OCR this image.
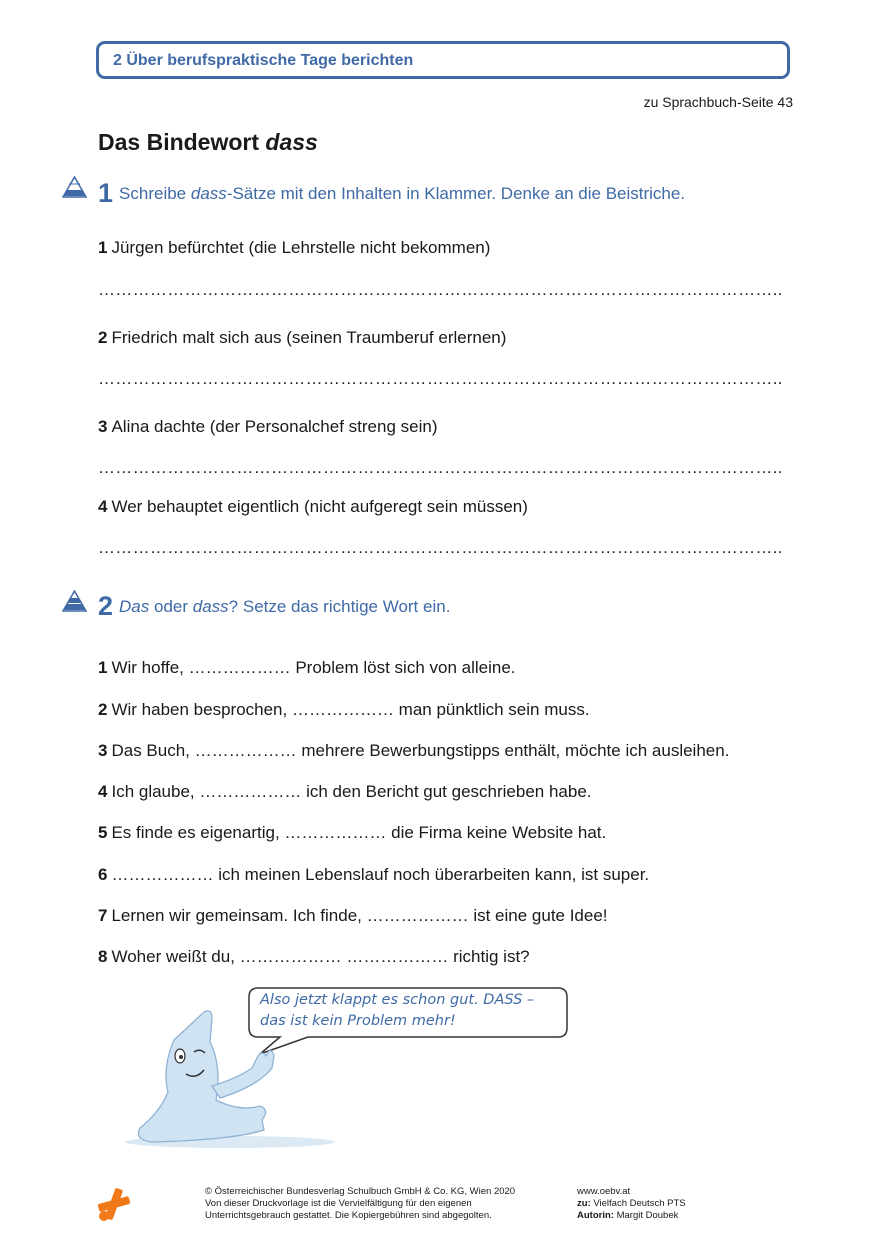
2 Über berufspraktische Tage berichten
zu Sprachbuch-Seite 43
Das Bindewort dass
1 Schreibe dass-Sätze mit den Inhalten in Klammer. Denke an die Beistriche.
1 Jürgen befürchtet (die Lehrstelle nicht bekommen)
………………………………………………………………………………………………………..
2 Friedrich malt sich aus (seinen Traumberuf erlernen)
………………………………………………………………………………………………………..
3 Alina dachte (der Personalchef streng sein)
………………………………………………………………………………………………………..
4 Wer behauptet eigentlich (nicht aufgeregt sein müssen)
………………………………………………………………………………………………………..
2 Das oder dass? Setze das richtige Wort ein.
1 Wir hoffe, ……………… Problem löst sich von alleine.
2 Wir haben besprochen, ……………… man pünktlich sein muss.
3 Das Buch, ……………… mehrere Bewerbungstipps enthält, möchte ich ausleihen.
4 Ich glaube, ……………… ich den Bericht gut geschrieben habe.
5 Es finde es eigenartig, ……………… die Firma keine Website hat.
6 ……………… ich meinen Lebenslauf noch überarbeiten kann, ist super.
7 Lernen wir gemeinsam. Ich finde, ……………… ist eine gute Idee!
8 Woher weißt du, ……………… ……………… richtig ist?
Also jetzt klappt es schon gut. DASS –
das ist kein Problem mehr!
© Österreichischer Bundesverlag Schulbuch GmbH & Co. KG, Wien 2020
Von dieser Druckvorlage ist die Vervielfältigung für den eigenen
Unterrichtsgebrauch gestattet. Die Kopiergebühren sind abgegolten.
www.oebv.at
zu: Vielfach Deutsch PTS
Autorin: Margit Doubek
